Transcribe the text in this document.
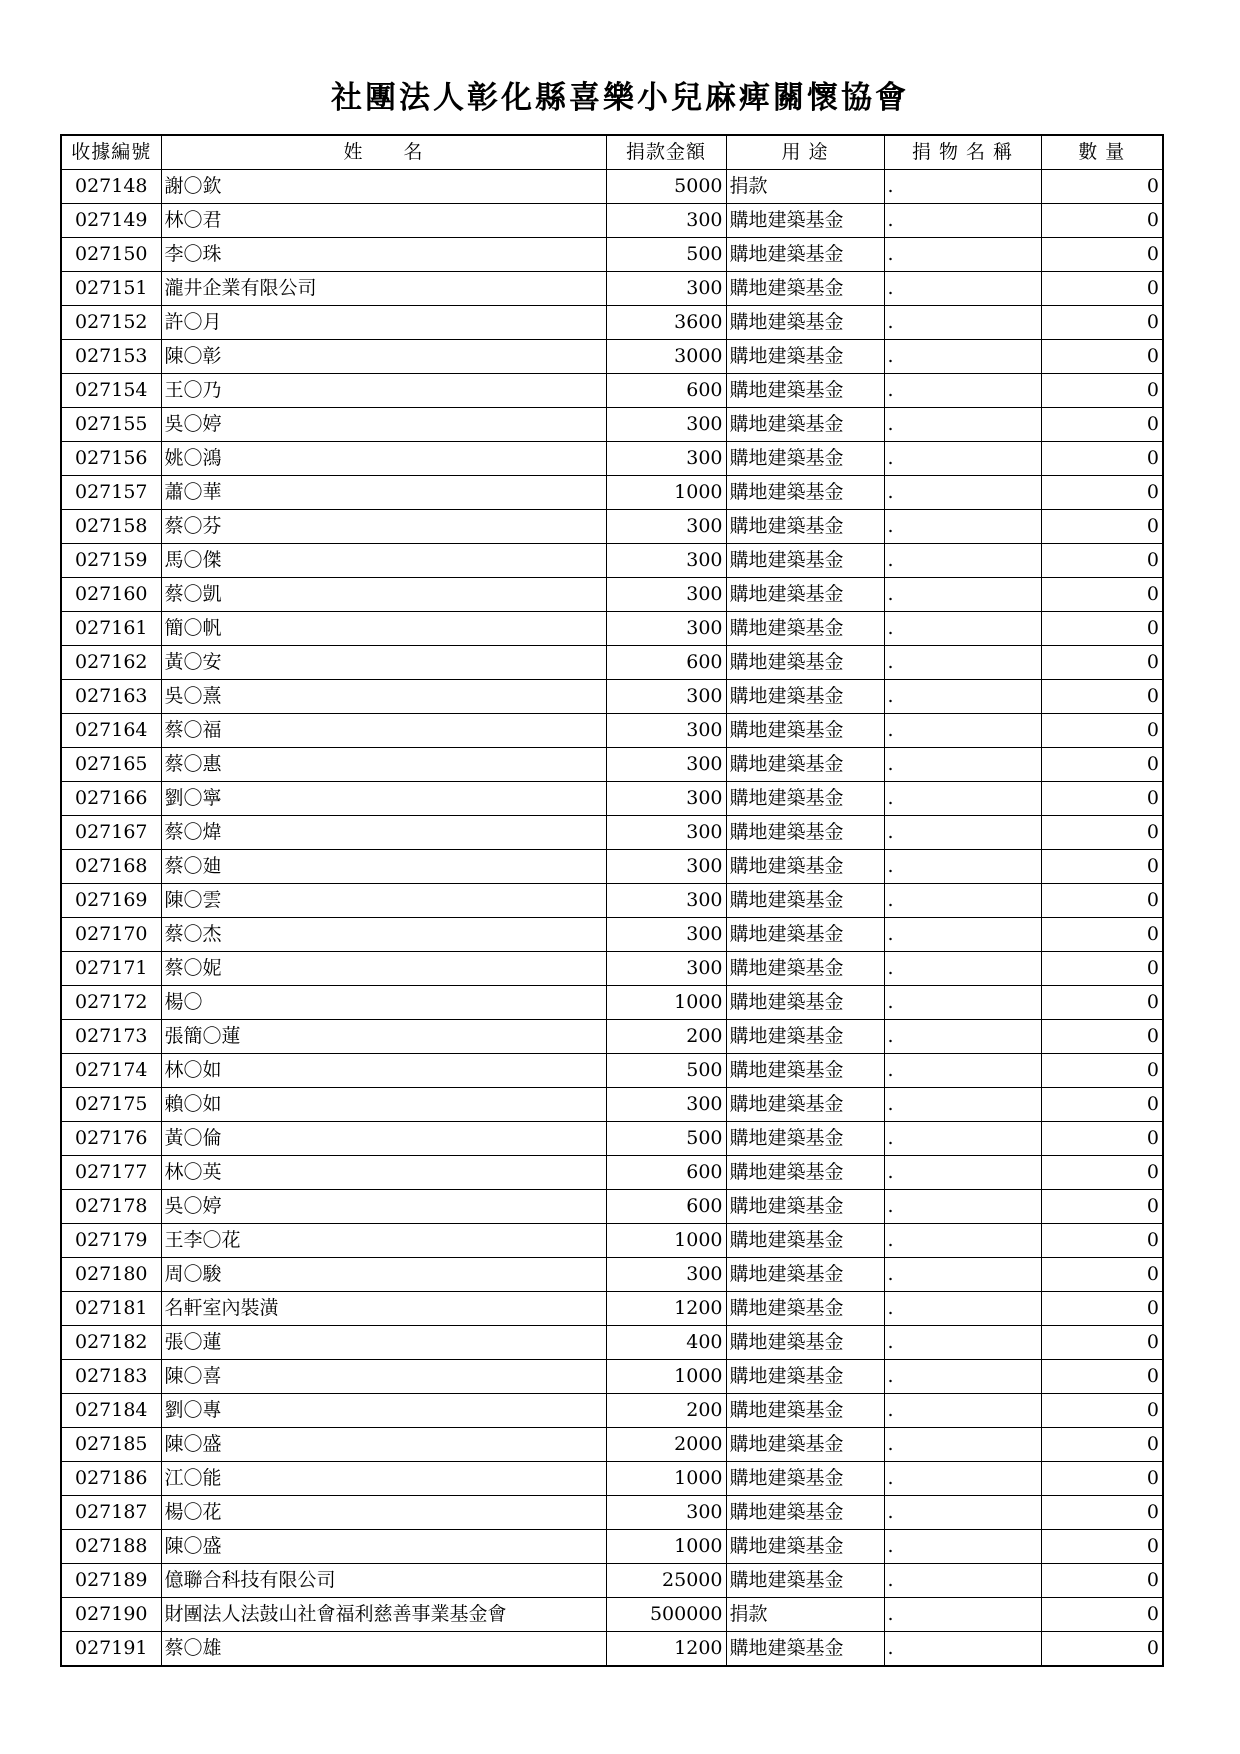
社團法人彰化縣喜樂小兒麻痺關懷協會
收據編號	姓　　名	捐款金額	用 途	捐 物 名 稱	數 量
027148	謝〇欽	5000	捐款	.	0
027149	林〇君	300	購地建築基金	.	0
027150	李〇珠	500	購地建築基金	.	0
027151	瀧井企業有限公司	300	購地建築基金	.	0
027152	許〇月	3600	購地建築基金	.	0
027153	陳〇彰	3000	購地建築基金	.	0
027154	王〇乃	600	購地建築基金	.	0
027155	吳〇婷	300	購地建築基金	.	0
027156	姚〇鴻	300	購地建築基金	.	0
027157	蕭〇華	1000	購地建築基金	.	0
027158	蔡〇芬	300	購地建築基金	.	0
027159	馬〇傑	300	購地建築基金	.	0
027160	蔡〇凱	300	購地建築基金	.	0
027161	簡〇帆	300	購地建築基金	.	0
027162	黃〇安	600	購地建築基金	.	0
027163	吳〇熹	300	購地建築基金	.	0
027164	蔡〇福	300	購地建築基金	.	0
027165	蔡〇惠	300	購地建築基金	.	0
027166	劉〇寧	300	購地建築基金	.	0
027167	蔡〇煒	300	購地建築基金	.	0
027168	蔡〇廸	300	購地建築基金	.	0
027169	陳〇雲	300	購地建築基金	.	0
027170	蔡〇杰	300	購地建築基金	.	0
027171	蔡〇妮	300	購地建築基金	.	0
027172	楊〇	1000	購地建築基金	.	0
027173	張簡〇蓮	200	購地建築基金	.	0
027174	林〇如	500	購地建築基金	.	0
027175	賴〇如	300	購地建築基金	.	0
027176	黃〇倫	500	購地建築基金	.	0
027177	林〇英	600	購地建築基金	.	0
027178	吳〇婷	600	購地建築基金	.	0
027179	王李〇花	1000	購地建築基金	.	0
027180	周〇駿	300	購地建築基金	.	0
027181	名軒室內裝潢	1200	購地建築基金	.	0
027182	張〇蓮	400	購地建築基金	.	0
027183	陳〇喜	1000	購地建築基金	.	0
027184	劉〇專	200	購地建築基金	.	0
027185	陳〇盛	2000	購地建築基金	.	0
027186	江〇能	1000	購地建築基金	.	0
027187	楊〇花	300	購地建築基金	.	0
027188	陳〇盛	1000	購地建築基金	.	0
027189	億聯合科技有限公司	25000	購地建築基金	.	0
027190	財團法人法鼓山社會福利慈善事業基金會	500000	捐款	.	0
027191	蔡〇雄	1200	購地建築基金	.	0
